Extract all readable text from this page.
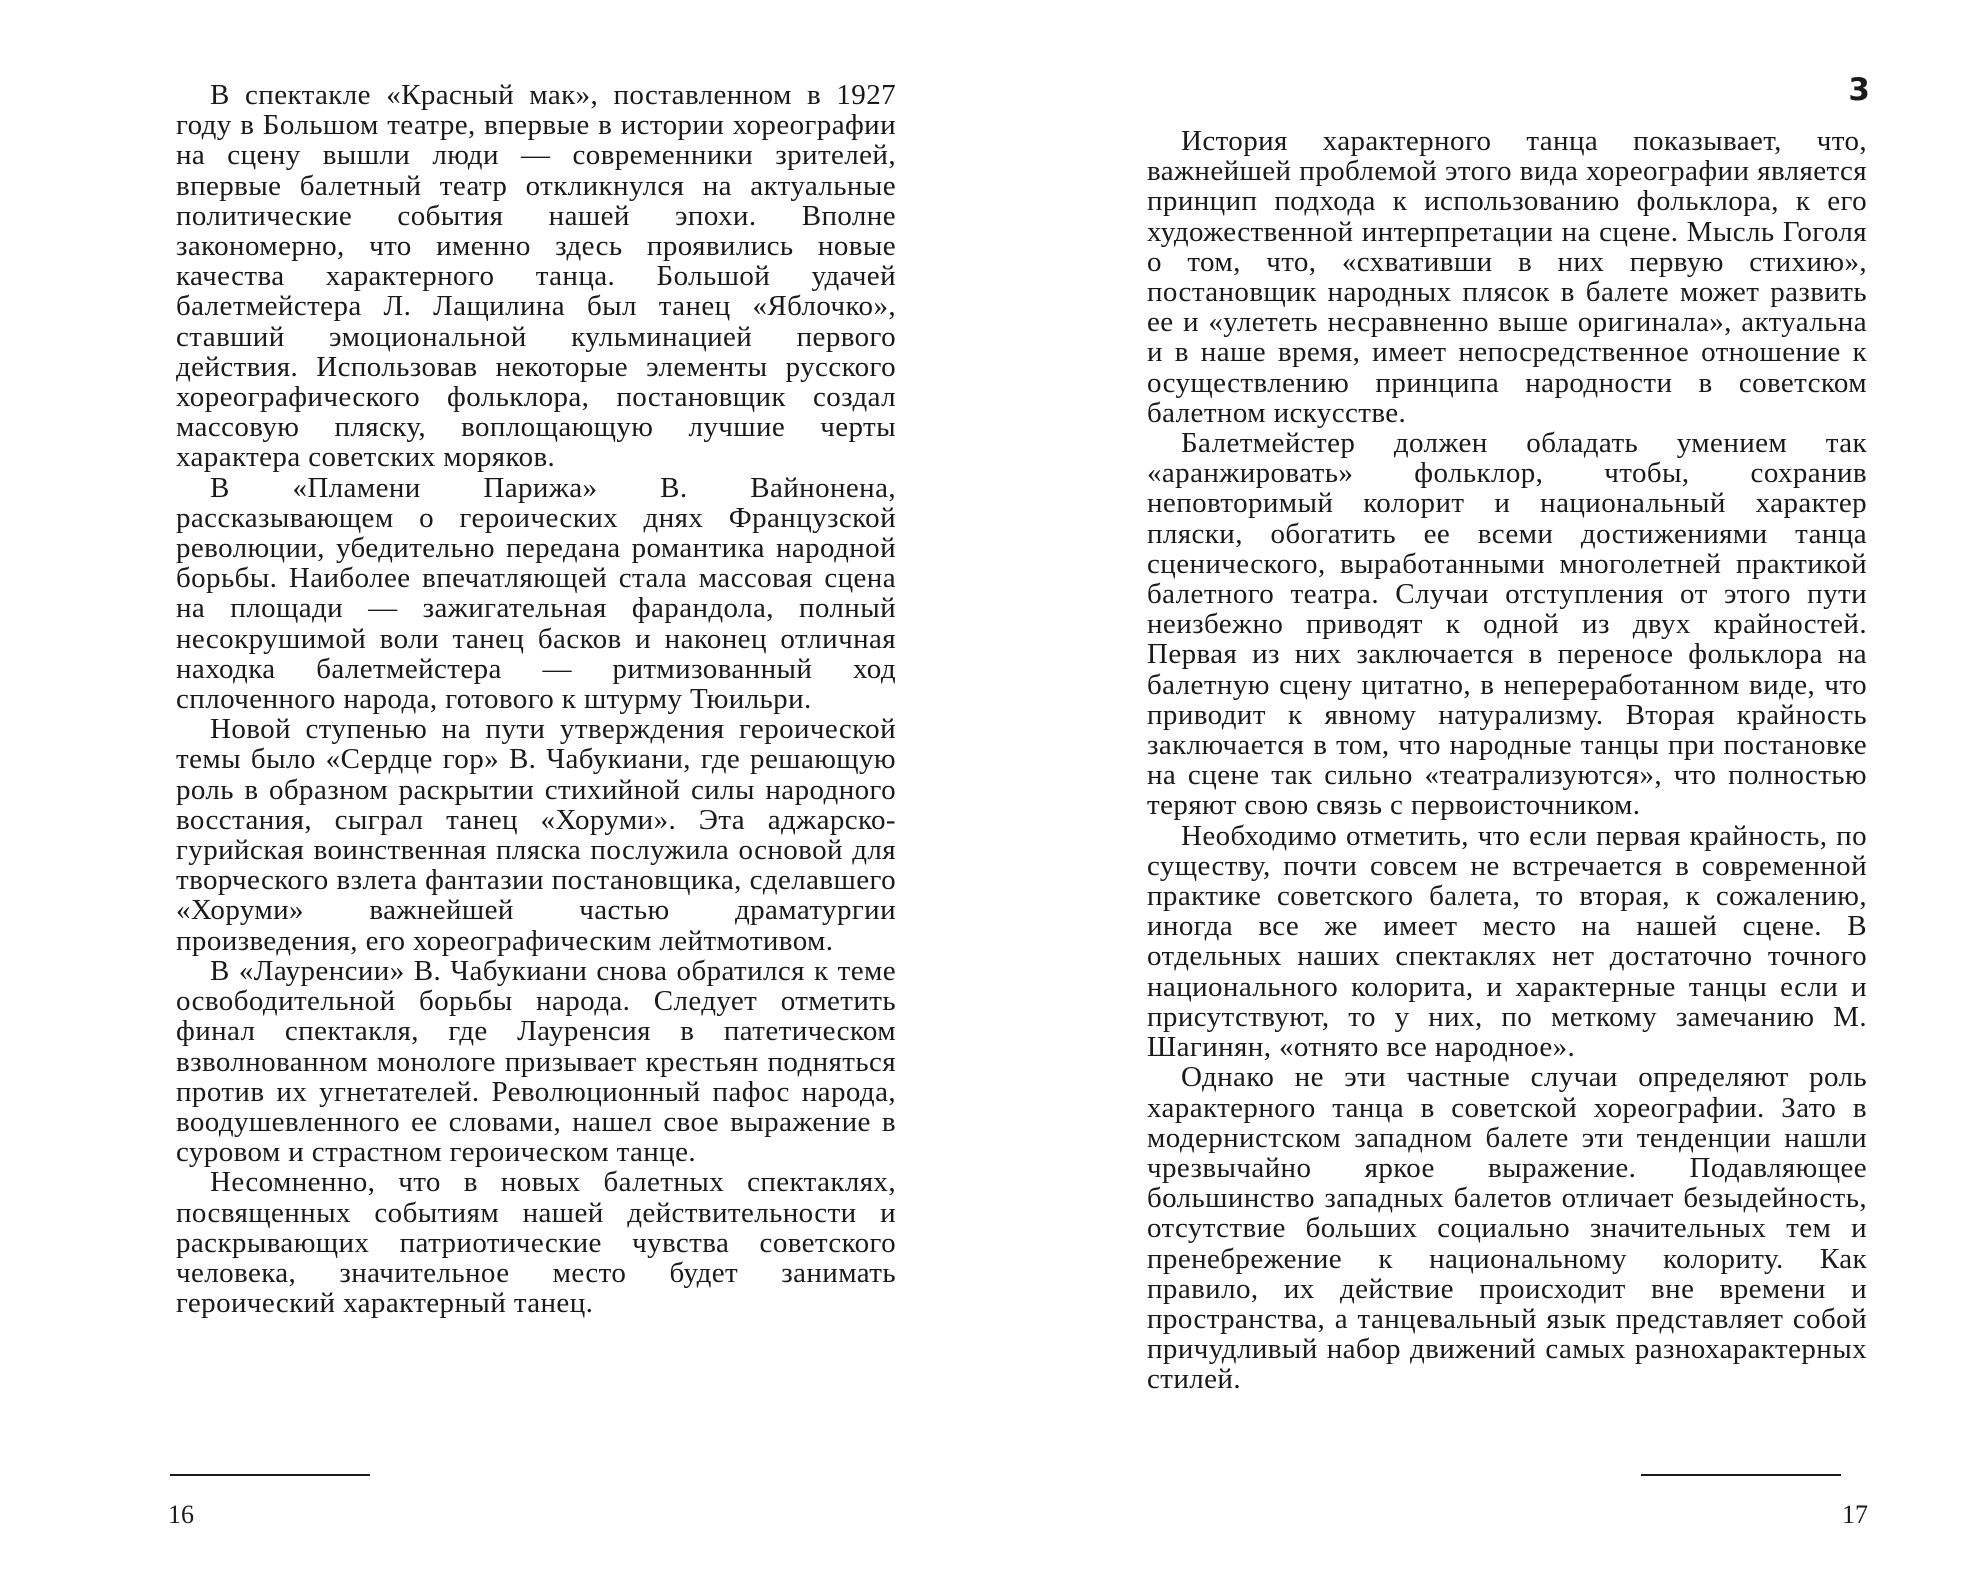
В спектакле «Красный мак», поставленном в 1927 году в Большом театре, впервые в истории хореографии на сцену вышли люди — современники зрителей, впервые балетный театр откликнулся на актуальные политические события нашей эпохи. Вполне закономерно, что именно здесь проявились новые качества характерного танца. Большой удачей балетмейстера Л. Лащилина был танец «Яблочко», ставший эмоциональной кульминацией первого действия. Использовав некоторые элементы русского хореографического фольклора, постановщик создал массовую пляску, воплощающую лучшие черты характера советских моряков.

В «Пламени Парижа» В. Вайнонена, рассказывающем о героических днях Французской революции, убедительно передана романтика народной борьбы. Наиболее впечатляющей стала массовая сцена на площади — зажигательная фарандола, полный несокрушимой воли танец басков и наконец отличная находка балетмейстера — ритмизованный ход сплоченного народа, готового к штурму Тюильри.

Новой ступенью на пути утверждения героической темы было «Сердце гор» В. Чабукиани, где решающую роль в образном раскрытии стихийной силы народного восстания, сыграл танец «Хоруми». Эта аджарско-гурийская воинственная пляска послужила основой для творческого взлета фантазии постановщика, сделавшего «Хоруми» важнейшей частью драматургии произведения, его хореографическим лейтмотивом.

В «Лауренсии» В. Чабукиани снова обратился к теме освободительной борьбы народа. Следует отметить финал спектакля, где Лауренсия в патетическом взволнованном монологе призывает крестьян подняться против их угнетателей. Революционный пафос народа, воодушевленного ее словами, нашел свое выражение в суровом и страстном героическом танце.

Несомненно, что в новых балетных спектаклях, посвященных событиям нашей действительности и раскрывающих патриотические чувства советского человека, значительное место будет занимать героический характерный танец.

16
3

История характерного танца показывает, что, важнейшей проблемой этого вида хореографии является принцип подхода к использованию фольклора, к его художественной интерпретации на сцене. Мысль Гоголя о том, что, «схвативши в них первую стихию», постановщик народных плясок в балете может развить ее и «улететь несравненно выше оригинала», актуальна и в наше время, имеет непосредственное отношение к осуществлению принципа народности в советском балетном искусстве.

Балетмейстер должен обладать умением так «аранжировать» фольклор, чтобы, сохранив неповторимый колорит и национальный характер пляски, обогатить ее всеми достижениями танца сценического, выработанными многолетней практикой балетного театра. Случаи отступления от этого пути неизбежно приводят к одной из двух крайностей. Первая из них заключается в переносе фольклора на балетную сцену цитатно, в непереработанном виде, что приводит к явному натурализму. Вторая крайность заключается в том, что народные танцы при постановке на сцене так сильно «театрализуются», что полностью теряют свою связь с первоисточником.

Необходимо отметить, что если первая крайность, по существу, почти совсем не встречается в современной практике советского балета, то вторая, к сожалению, иногда все же имеет место на нашей сцене. В отдельных наших спектаклях нет достаточно точного национального колорита, и характерные танцы если и присутствуют, то у них, по меткому замечанию М. Шагинян, «отнято все народное».

Однако не эти частные случаи определяют роль характерного танца в советской хореографии. Зато в модернистском западном балете эти тенденции нашли чрезвычайно яркое выражение. Подавляющее большинство западных балетов отличает безыдейность, отсутствие больших социально значительных тем и пренебрежение к национальному колориту. Как правило, их действие происходит вне времени и пространства, а танцевальный язык представляет собой причудливый набор движений самых разнохарактерных стилей.

17
